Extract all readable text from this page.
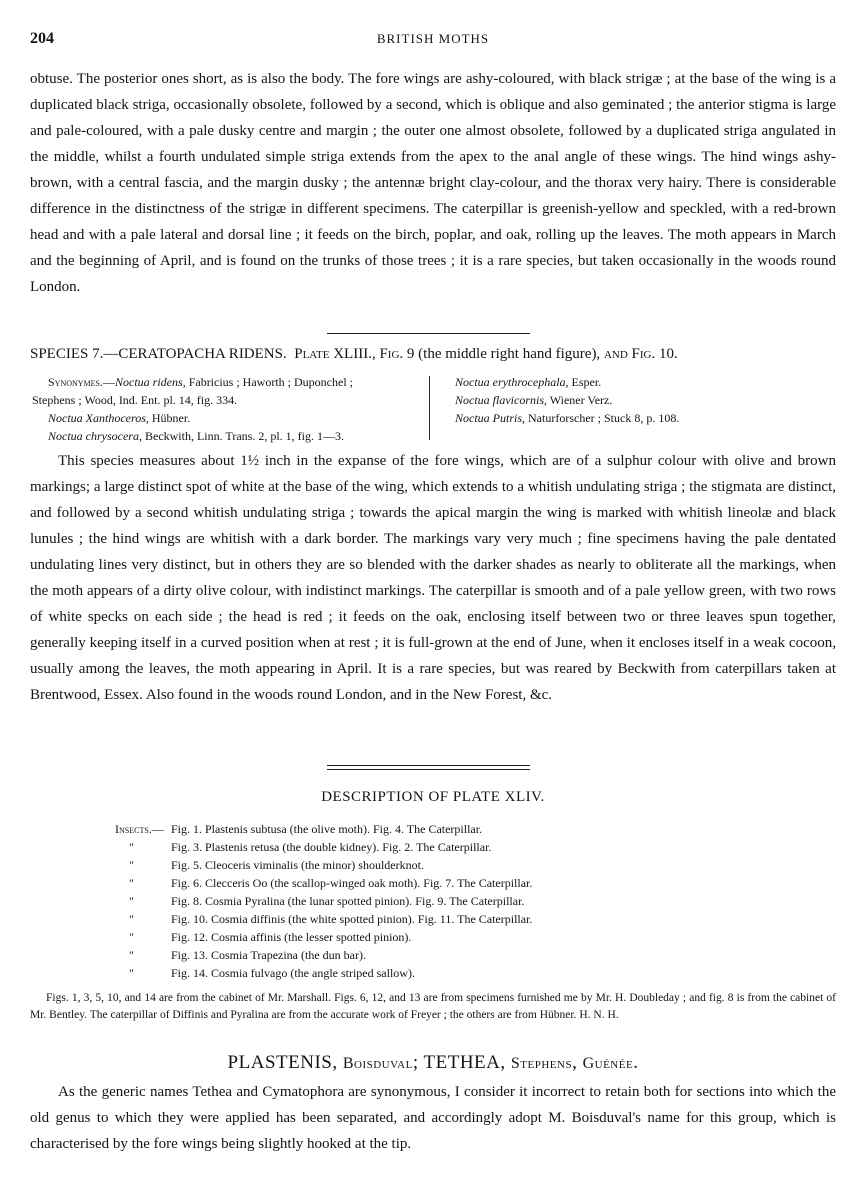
204	BRITISH MOTHS

obtuse. The posterior ones short, as is also the body. The fore wings are ashy-coloured, with black strigæ ; at the base of the wing is a duplicated black striga, occasionally obsolete, followed by a second, which is oblique and also geminated ; the anterior stigma is large and pale-coloured, with a pale dusky centre and margin ; the outer one almost obsolete, followed by a duplicated striga angulated in the middle, whilst a fourth undulated simple striga extends from the apex to the anal angle of these wings. The hind wings ashy-brown, with a central fascia, and the margin dusky ; the antennæ bright clay-colour, and the thorax very hairy. There is considerable difference in the distinctness of the strigæ in different specimens. The caterpillar is greenish-yellow and speckled, with a red-brown head and with a pale lateral and dorsal line ; it feeds on the birch, poplar, and oak, rolling up the leaves. The moth appears in March and the beginning of April, and is found on the trunks of those trees ; it is a rare species, but taken occasionally in the woods round London.

SPECIES 7.—CERATOPACHA RIDENS. Plate XLIII., Fig. 9 (the middle right hand figure), and Fig. 10.
Synonymes.—Noctua ridens, Fabricius ; Haworth ; Duponchel ;
Stephens ; Wood, Ind. Ent. pl. 14, fig. 334.
Noctua Xanthoceros, Hübner.
Noctua chrysocera, Beckwith, Linn. Trans. 2, pl. 1, fig. 1—3.
Noctua erythrocephala, Esper.
Noctua flavicornis, Wiener Verz.
Noctua Putris, Naturforscher ; Stuck 8, p. 108.

This species measures about 1½ inch in the expanse of the fore wings, which are of a sulphur colour with olive and brown markings; a large distinct spot of white at the base of the wing, which extends to a whitish undulating striga ; the stigmata are distinct, and followed by a second whitish undulating striga ; towards the apical margin the wing is marked with whitish lineolæ and black lunules ; the hind wings are whitish with a dark border. The markings vary very much ; fine specimens having the pale dentated undulating lines very distinct, but in others they are so blended with the darker shades as nearly to obliterate all the markings, when the moth appears of a dirty olive colour, with indistinct markings. The caterpillar is smooth and of a pale yellow green, with two rows of white specks on each side ; the head is red ; it feeds on the oak, enclosing itself between two or three leaves spun together, generally keeping itself in a curved position when at rest ; it is full-grown at the end of June, when it encloses itself in a weak cocoon, usually among the leaves, the moth appearing in April. It is a rare species, but was reared by Beckwith from caterpillars taken at Brentwood, Essex. Also found in the woods round London, and in the New Forest, &c.

DESCRIPTION OF PLATE XLIV.
Insects.— Fig. 1. Plastenis subtusa (the olive moth). Fig. 4. The Caterpillar.
"	Fig. 3. Plastenis retusa (the double kidney). Fig. 2. The Caterpillar.
"	Fig. 5. Cleoceris viminalis (the minor) shoulderknot.
"	Fig. 6. Clecceris Oo (the scallop-winged oak moth). Fig. 7. The Caterpillar.
"	Fig. 8. Cosmia Pyralina (the lunar spotted pinion). Fig. 9. The Caterpillar.
"	Fig. 10. Cosmia diffinis (the white spotted pinion). Fig. 11. The Caterpillar.
"	Fig. 12. Cosmia affinis (the lesser spotted pinion).
"	Fig. 13. Cosmia Trapezina (the dun bar).
"	Fig. 14. Cosmia fulvago (the angle striped sallow).

Figs. 1, 3, 5, 10, and 14 are from the cabinet of Mr. Marshall. Figs. 6, 12, and 13 are from specimens furnished me by Mr. H. Doubleday ; and fig. 8 is from the cabinet of Mr. Bentley. The caterpillar of Diffinis and Pyralina are from the accurate work of Freyer ; the others are from Hübner. H. N. H.

PLASTENIS, Boisduval; TETHEA, Stephens, Guénée.

As the generic names Tethea and Cymatophora are synonymous, I consider it incorrect to retain both for sections into which the old genus to which they were applied has been separated, and accordingly adopt M. Boisduval's name for this group, which is characterised by the fore wings being slightly hooked at the tip.
